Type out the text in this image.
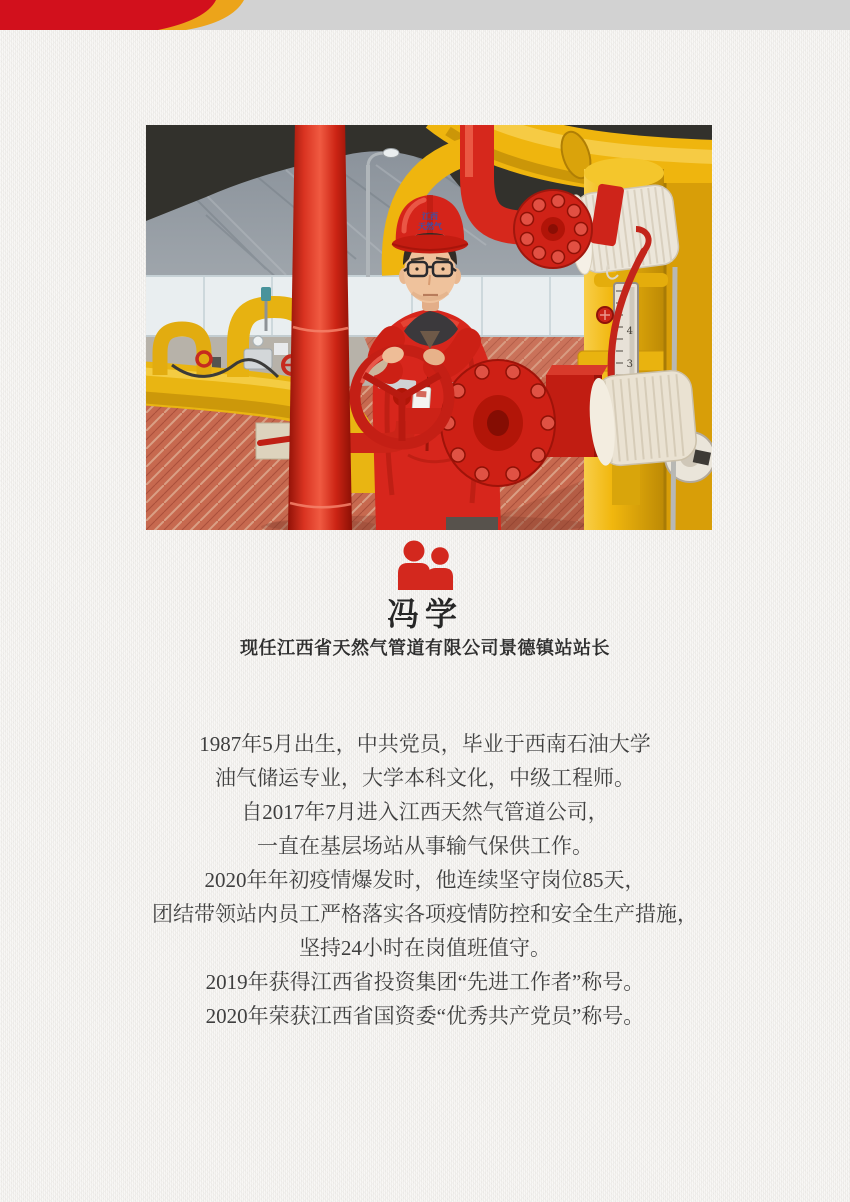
4
3
江西
天然气
冯学
现任江西省天然气管道有限公司景德镇站站长
1987年5月出生，中共党员，毕业于西南石油大学
油气储运专业，大学本科文化，中级工程师。
自2017年7月进入江西天然气管道公司，
一直在基层场站从事输气保供工作。
2020年年初疫情爆发时，他连续坚守岗位85天，
团结带领站内员工严格落实各项疫情防控和安全生产措施，
坚持24小时在岗值班值守。
2019年获得江西省投资集团“先进工作者”称号。
2020年荣获江西省国资委“优秀共产党员”称号。
